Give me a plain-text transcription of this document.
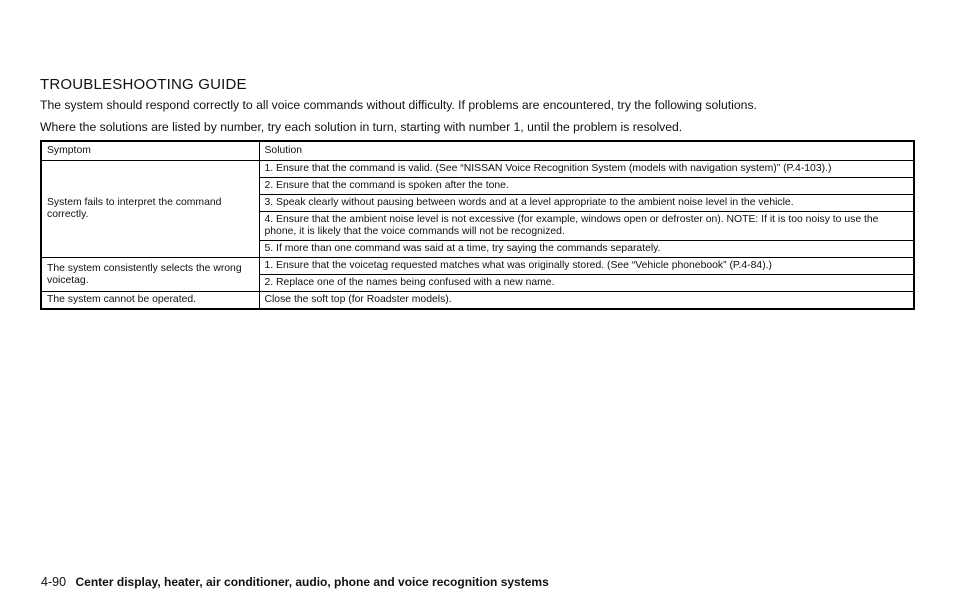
TROUBLESHOOTING GUIDE
The system should respond correctly to all voice commands without difficulty. If problems are encountered, try the following solutions.
Where the solutions are listed by number, try each solution in turn, starting with number 1, until the problem is resolved.
Symptom	Solution
System fails to interpret the command correctly.	1. Ensure that the command is valid. (See “NISSAN Voice Recognition System (models with navigation system)” (P.4-103).)
	2. Ensure that the command is spoken after the tone.
	3. Speak clearly without pausing between words and at a level appropriate to the ambient noise level in the vehicle.
	4. Ensure that the ambient noise level is not excessive (for example, windows open or defroster on). NOTE: If it is too noisy to use the phone, it is likely that the voice commands will not be recognized.
	5. If more than one command was said at a time, try saying the commands separately.
The system consistently selects the wrong voicetag.	1. Ensure that the voicetag requested matches what was originally stored. (See “Vehicle phonebook” (P.4-84).)
	2. Replace one of the names being confused with a new name.
The system cannot be operated.	Close the soft top (for Roadster models).
4-90 Center display, heater, air conditioner, audio, phone and voice recognition systems
